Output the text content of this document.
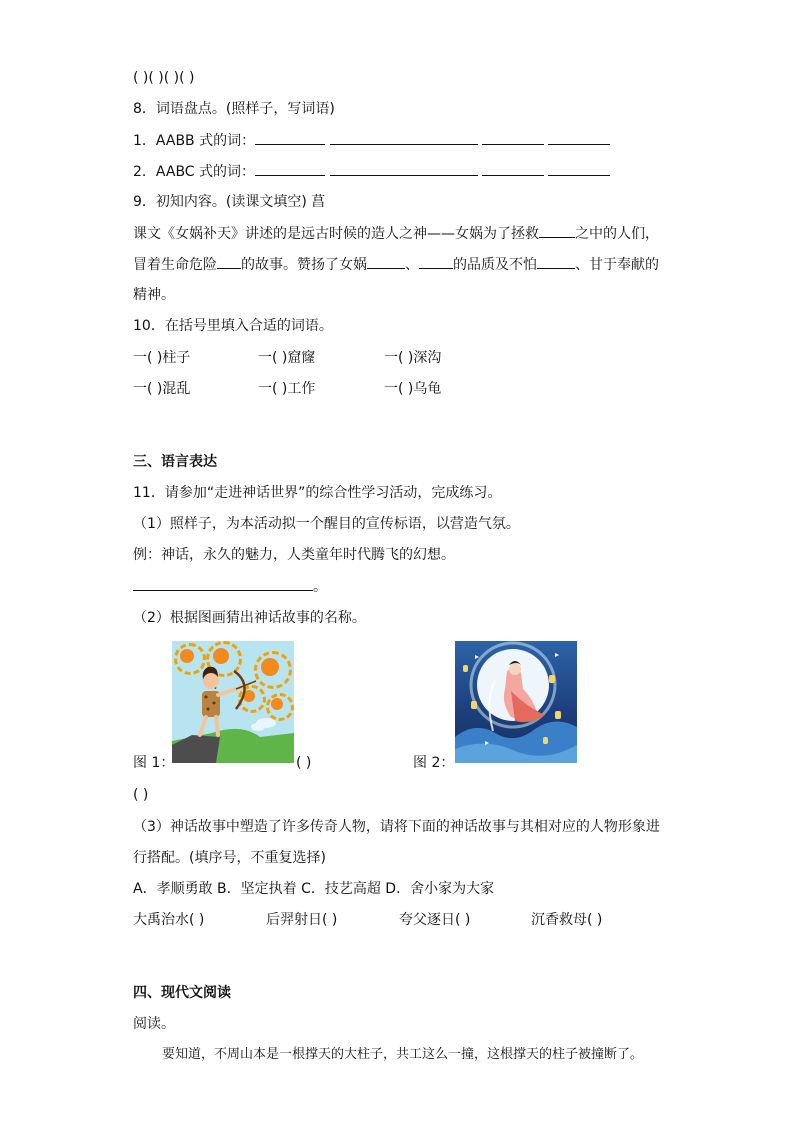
( )( )( )( )
8．词语盘点。(照样子，写词语)
1．AABB 式的词：
2．AABC 式的词：
9．初知内容。(读课文填空) 菖
课文《女娲补天》讲述的是远古时候的造人之神——女娲为了拯救	之中的人们，
冒着生命危险 的故事。赞扬了女娲	、 的品质及不怕	、甘于奉献的
精神。
10．在括号里填入合适的词语。
一( )柱子	一( )窟窿	一( )深沟
一( )混乱	一( )工作	一( )乌龟
三、语言表达
11．请参加“走进神话世界”的综合性学习活动，完成练习。
（1）照样子，为本活动拟一个醒目的宣传标语，以营造气氛。
例：神话，永久的魅力，人类童年时代腾飞的幻想。
。
（2）根据图画猜出神话故事的名称。
图 1：	( )	图 2：
( )
（3）神话故事中塑造了许多传奇人物，请将下面的神话故事与其相对应的人物形象进
行搭配。(填序号，不重复选择)
A．孝顺勇敢 B．坚定执着 C．技艺高超 D．舍小家为大家
大禹治水( )	后羿射日( )	夸父逐日( )	沉香救母( )
四、现代文阅读
阅读。
要知道，不周山本是一根撑天的大柱子，共工这么一撞，这根撑天的柱子被撞断了。
